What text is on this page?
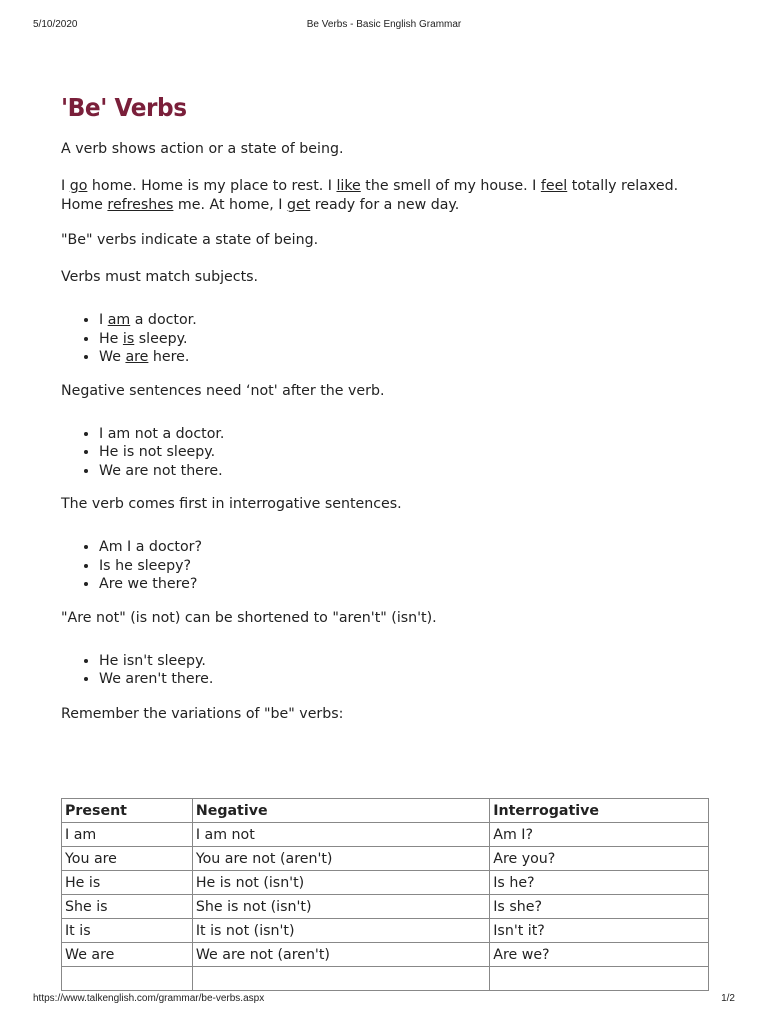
5/10/2020	Be Verbs - Basic English Grammar
'Be' Verbs

A verb shows action or a state of being.

I go home. Home is my place to rest. I like the smell of my house. I feel totally relaxed. Home refreshes me. At home, I get ready for a new day.

"Be" verbs indicate a state of being.

Verbs must match subjects.

• I am a doctor.
• He is sleepy.
• We are here.

Negative sentences need ‘not' after the verb.

• I am not a doctor.
• He is not sleepy.
• We are not there.

The verb comes first in interrogative sentences.

• Am I a doctor?
• Is he sleepy?
• Are we there?

"Are not" (is not) can be shortened to "aren't" (isn't).

• He isn't sleepy.
• We aren't there.

Remember the variations of "be" verbs:

Present	Negative	Interrogative
I am	I am not	Am I?
You are	You are not (aren't)	Are you?
He is	He is not (isn't)	Is he?
She is	She is not (isn't)	Is she?
It is	It is not (isn't)	Isn't it?
We are	We are not (aren't)	Are we?

https://www.talkenglish.com/grammar/be-verbs.aspx	1/2
